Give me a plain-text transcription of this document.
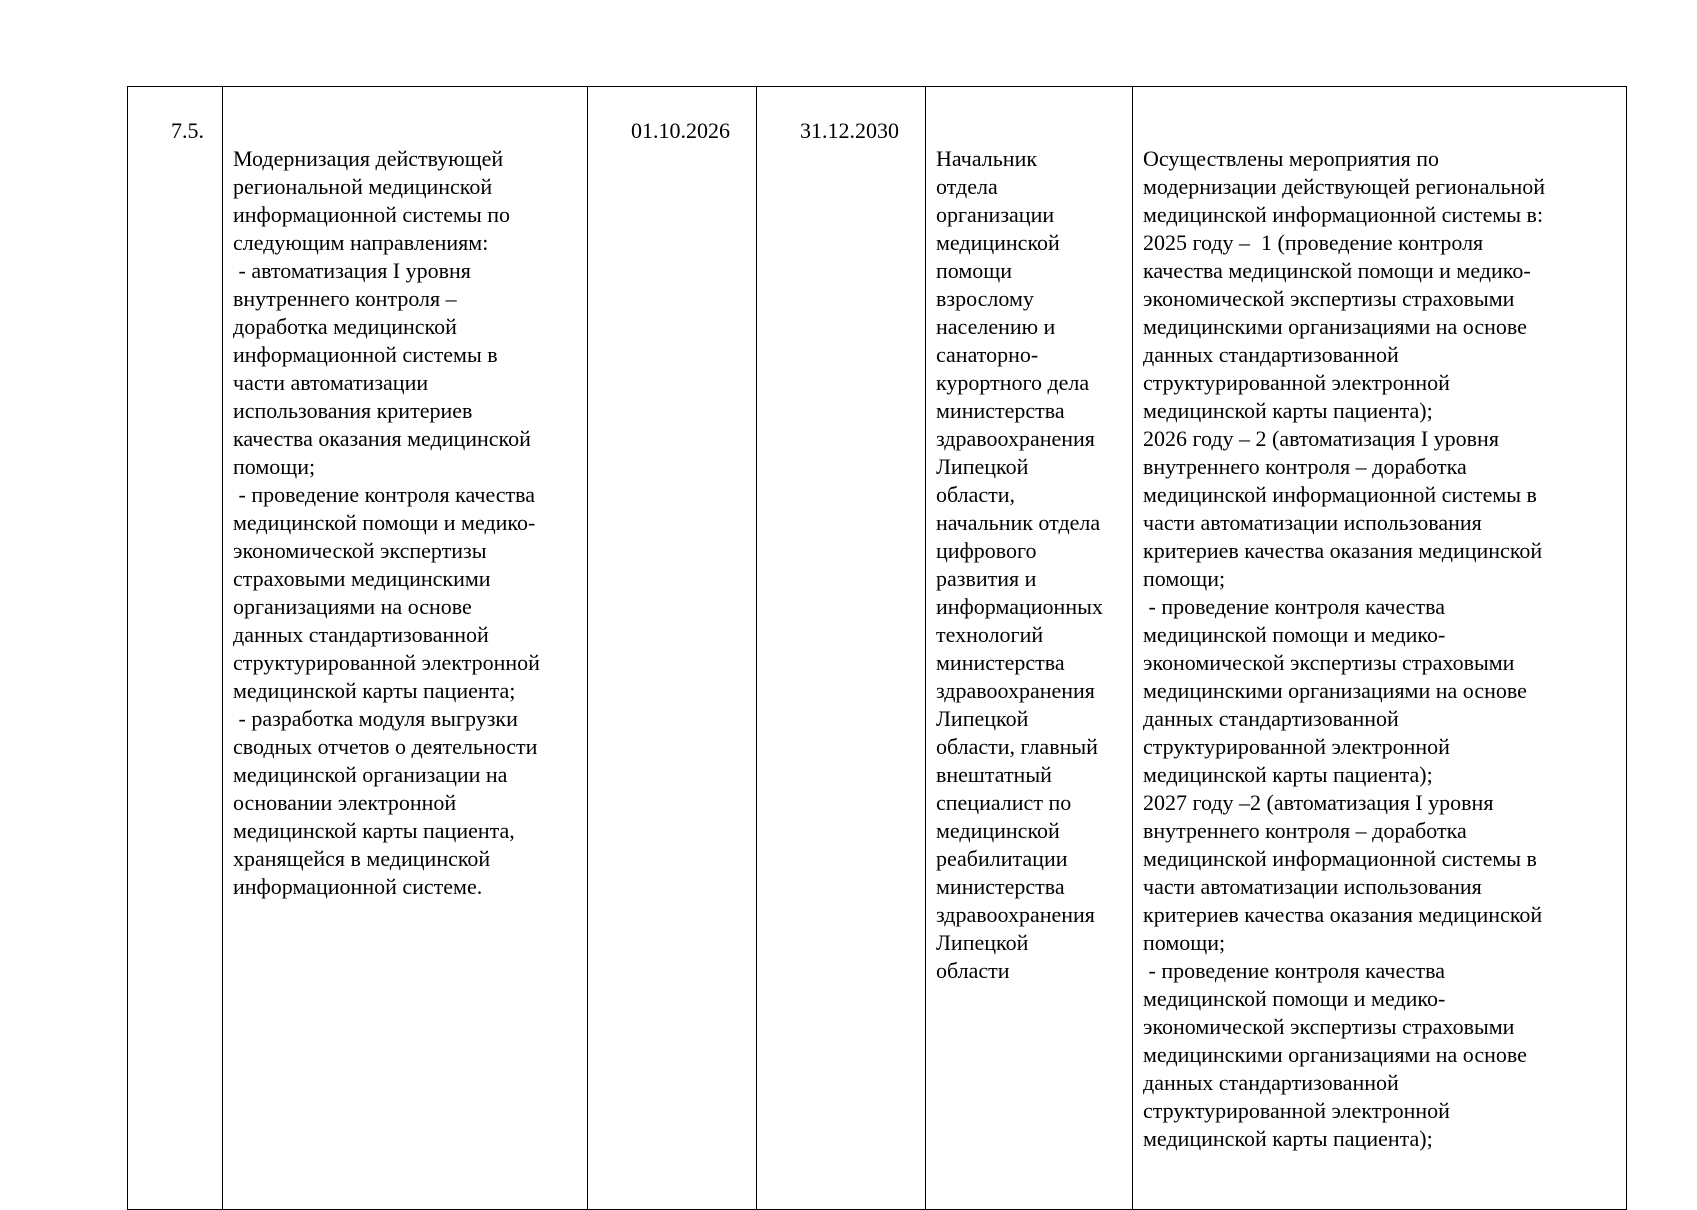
7.5.

Модернизация действующей
региональной медицинской
информационной системы по
следующим направлениям:
- автоматизация I уровня
внутреннего контроля –
доработка медицинской
информационной системы в
части автоматизации
использования критериев
качества оказания медицинской
помощи;
- проведение контроля качества
медицинской помощи и медико-
экономической экспертизы
страховыми медицинскими
организациями на основе
данных стандартизованной
структурированной электронной
медицинской карты пациента;
- разработка модуля выгрузки
сводных отчетов о деятельности
медицинской организации на
основании электронной
медицинской карты пациента,
хранящейся в медицинской
информационной системе.

01.10.2026	31.12.2030

Начальник
отдела
организации
медицинской
помощи
взрослому
населению и
санаторно-
курортного дела
министерства
здравоохранения
Липецкой
области,
начальник отдела
цифрового
развития и
информационных
технологий
министерства
здравоохранения
Липецкой
области, главный
внештатный
специалист по
медицинской
реабилитации
министерства
здравоохранения
Липецкой
области

Осуществлены мероприятия по
модернизации действующей региональной
медицинской информационной системы в:
2025 году –  1 (проведение контроля
качества медицинской помощи и медико-
экономической экспертизы страховыми
медицинскими организациями на основе
данных стандартизованной
структурированной электронной
медицинской карты пациента);
2026 году – 2 (автоматизация I уровня
внутреннего контроля – доработка
медицинской информационной системы в
части автоматизации использования
критериев качества оказания медицинской
помощи;
- проведение контроля качества
медицинской помощи и медико-
экономической экспертизы страховыми
медицинскими организациями на основе
данных стандартизованной
структурированной электронной
медицинской карты пациента);
2027 году –2 (автоматизация I уровня
внутреннего контроля – доработка
медицинской информационной системы в
части автоматизации использования
критериев качества оказания медицинской
помощи;
- проведение контроля качества
медицинской помощи и медико-
экономической экспертизы страховыми
медицинскими организациями на основе
данных стандартизованной
структурированной электронной
медицинской карты пациента);
